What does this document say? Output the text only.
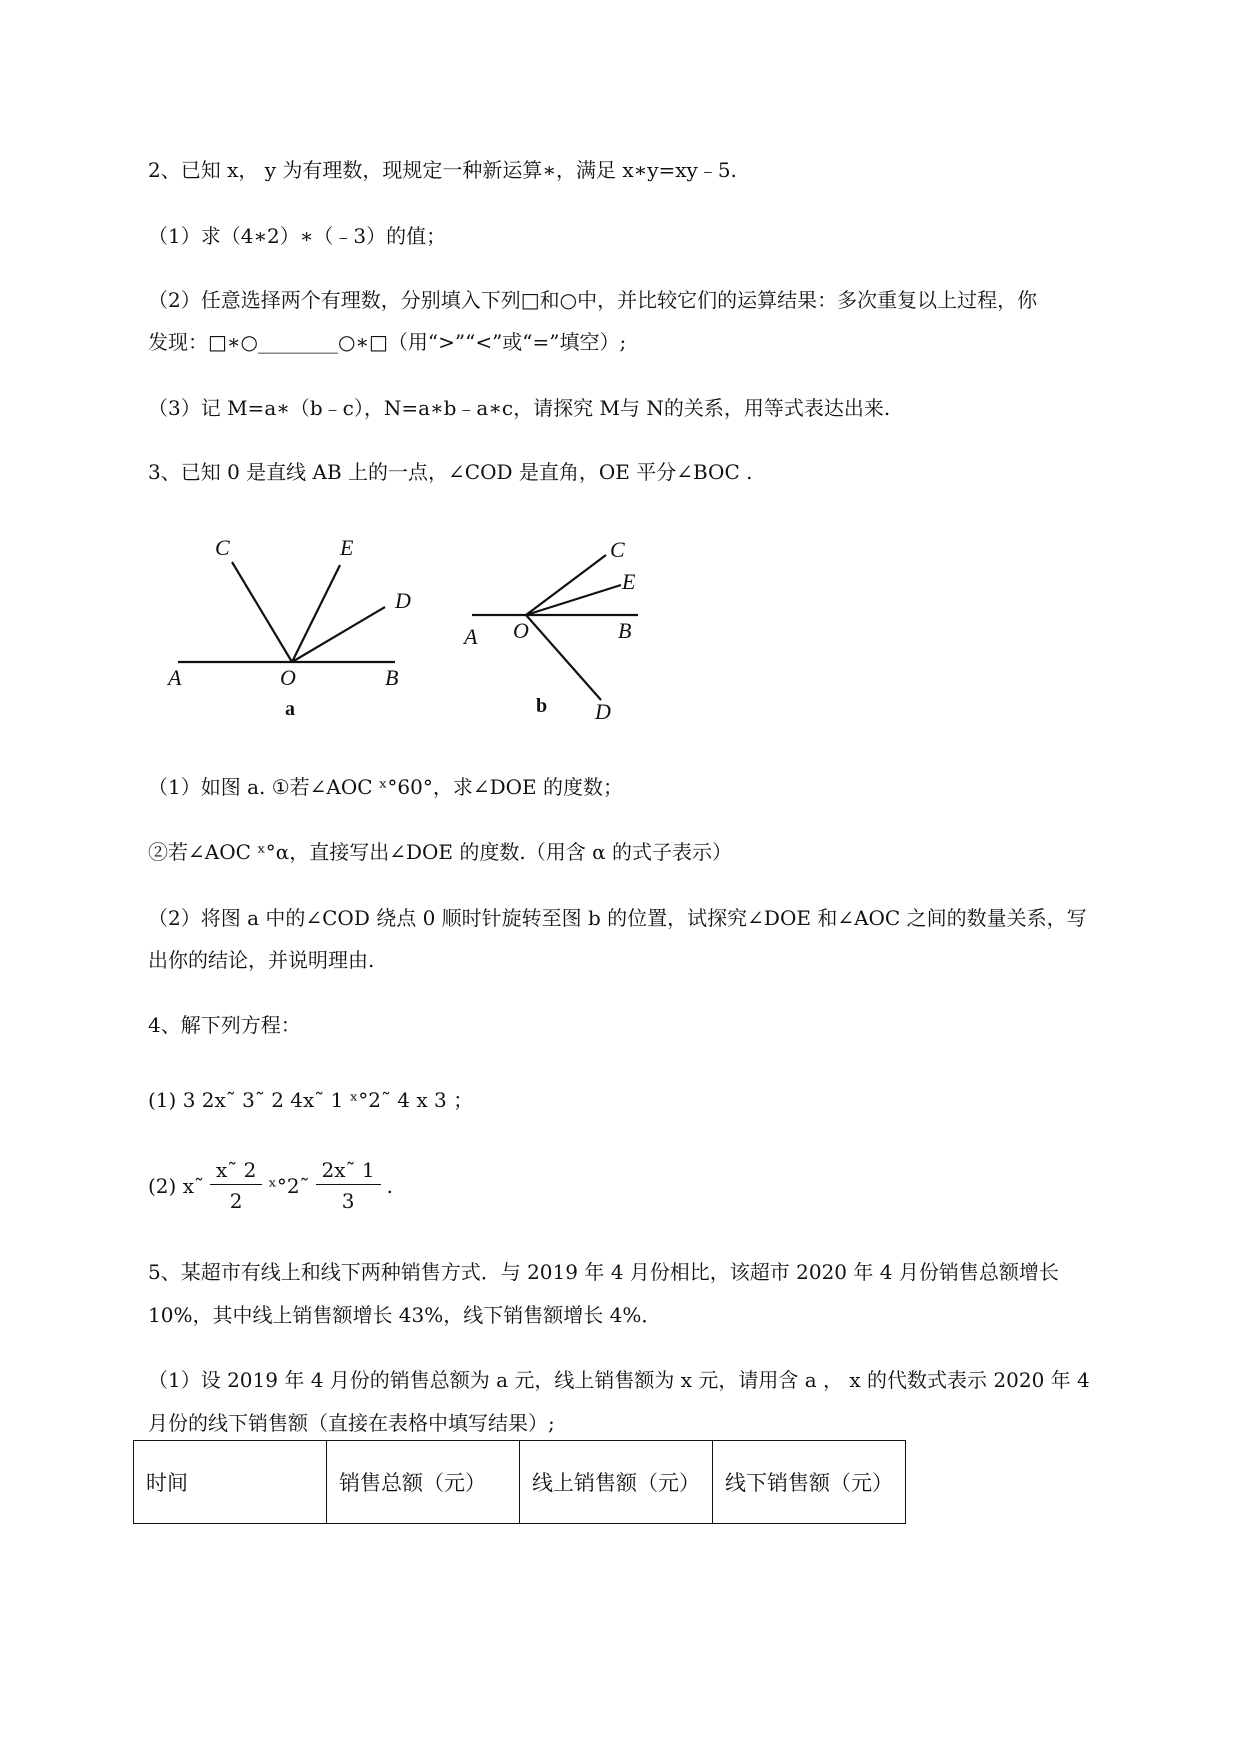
2、已知 x， y 为有理数，现规定一种新运算∗，满足 x∗y=xy﹣5.
（1）求（4∗2）∗（﹣3）的值；
（2）任意选择两个有理数，分别填入下列□和○中，并比较它们的运算结果：多次重复以上过程，你
发现：□∗○________○∗□（用“>”“<”或“=”填空）;
（3）记 M=a∗（b﹣c），N=a∗b﹣a∗c，请探究 M与 N的关系，用等式表达出来.
3、已知 0 是直线 AB 上的一点，∠COD 是直角，OE 平分∠BOC .
C	E
D
A	O	B
a
C
E
A O	B
D
b
（1）如图 a. ①若∠AOC ˣ°60°，求∠DOE 的度数；
②若∠AOC ˣ°α，直接写出∠DOE 的度数.（用含 α 的式子表示）
（2）将图 a 中的∠COD 绕点 0 顺时针旋转至图 b 的位置，试探究∠DOE 和∠AOC 之间的数量关系，写
出你的结论，并说明理由.
4、解下列方程：
(1) 3 2x˜ 3˜ 2 4x˜ 1 ˣ°2˜ 4 x 3 ；
(2) x˜ $\frac{x˜ 2}{2}$ ˣ°2˜ $\frac{2x˜ 1}{3}$ .
5、某超市有线上和线下两种销售方式．与 2019 年 4 月份相比，该超市 2020 年 4 月份销售总额增长
10%，其中线上销售额增长 43%，线下销售额增长 4%．
（1）设 2019 年 4 月份的销售总额为 a 元，线上销售额为 x 元，请用含 a ， x 的代数式表示 2020 年 4
月份的线下销售额（直接在表格中填写结果）;
时间	销售总额（元）	线上销售额（元）	线下销售额（元）
